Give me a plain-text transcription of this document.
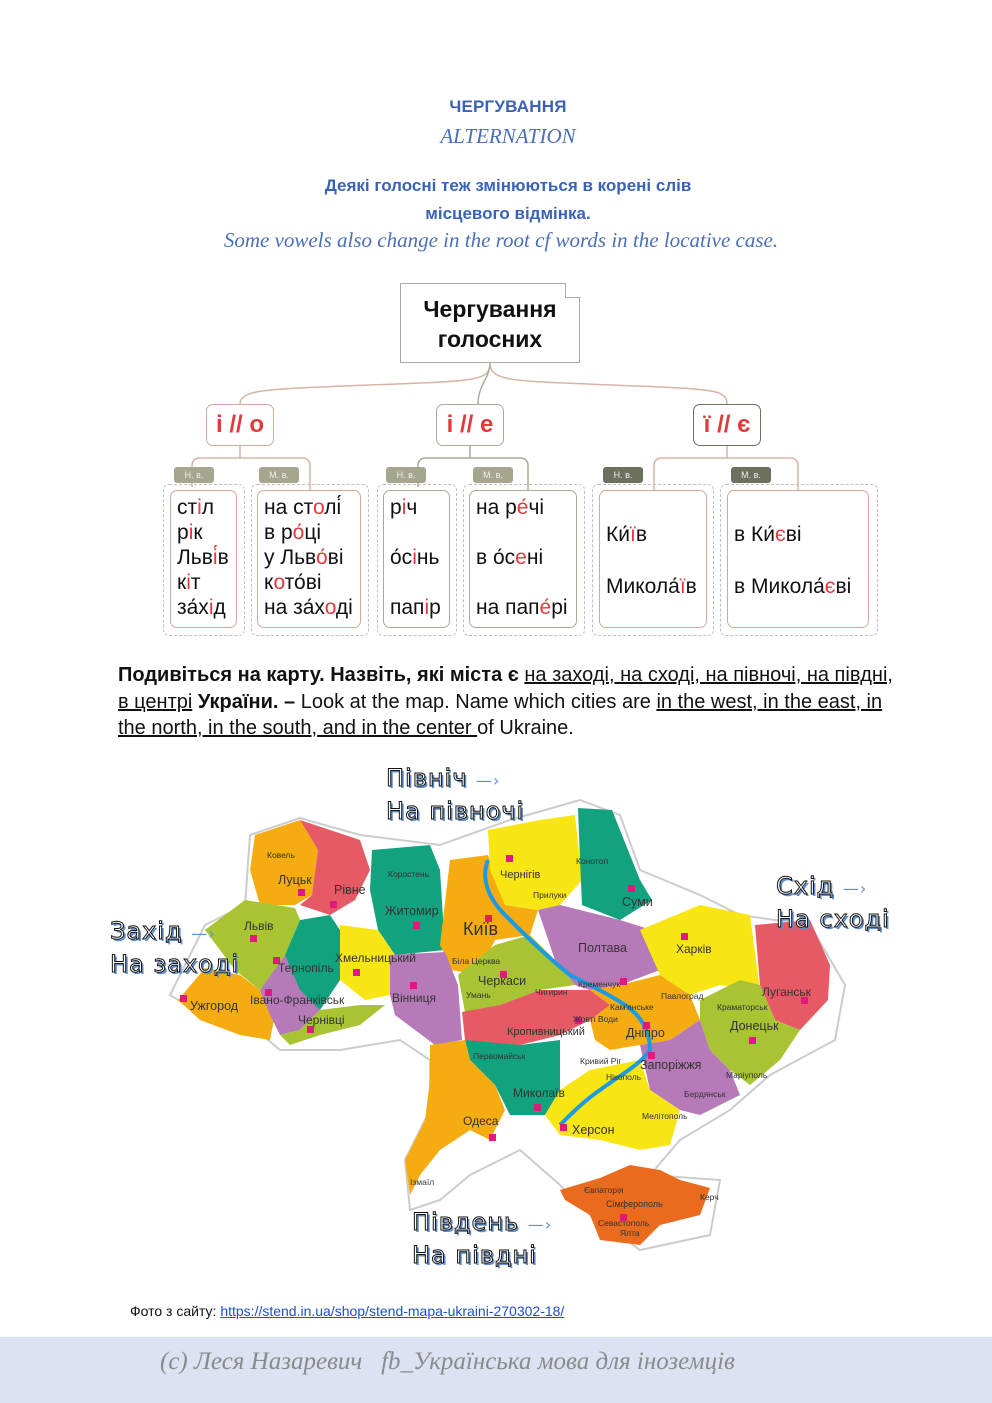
ЧЕРГУВАННЯ
ALTERNATION
Деякі голосні теж змінюються в корені слів
місцевого відмінка.
Some vowels also change in the root cf words in the locative case.
Чергування
голосних
і // о	і // е	ї // є
Н. в.	М. в.	Н. в.	М. в.	Н. в.	М. в.
стіл
рік
Льві́в
кіт
за́хід
на столі́
в ро́ці
у Льво́ві
кото́ві
на за́ході
річ
о́сінь
папір
на ре́чі
в о́сені
на папе́рі
Ки́їв
Микола́їв
в Ки́єві
в Микола́єві
Подивіться на карту. Назвіть, які міста є на заході, на сході, на півночі, на півдні, в центрі України. – Look at the map. Name which cities are in the west, in the east, in the north, in the south, and in the center of Ukraine.
Луцьк
Рівне
Житомир
Київ
Чернігів
Суми
Львів
Тернопіль
Хмельницький
Вінниця
Черкаси
Полтава	Харків
Луганськ
Ужгород Івано-Франківськ
Чернівці
Кропивницький	Дніпро	Донецьк
Запоріжжя
Миколаїв
Одеса
Херсон
Сімферополь
Ковель
Коростень
Біла Церква
Прилуки
Конотоп
Умань	Чигирин
Кременчук
Кам'янське
Жовті Води
Павлоград
Краматорськ
Кривий Ріг
Нікополь	Маріуполь
Бердянськ
Мелітополь
Первомайськ
Ізмаїл
Євпаторія
Севастополь
Ялта
Керч
Північ —›
На півночі
Схід —›
На сході
Захід —›
На заході
Південь —›
На півдні
Фото з сайту: https://stend.in.ua/shop/stend-mapa-ukraini-270302-18/
(c) Леся Назаревич   fb_Українська мова для іноземців
